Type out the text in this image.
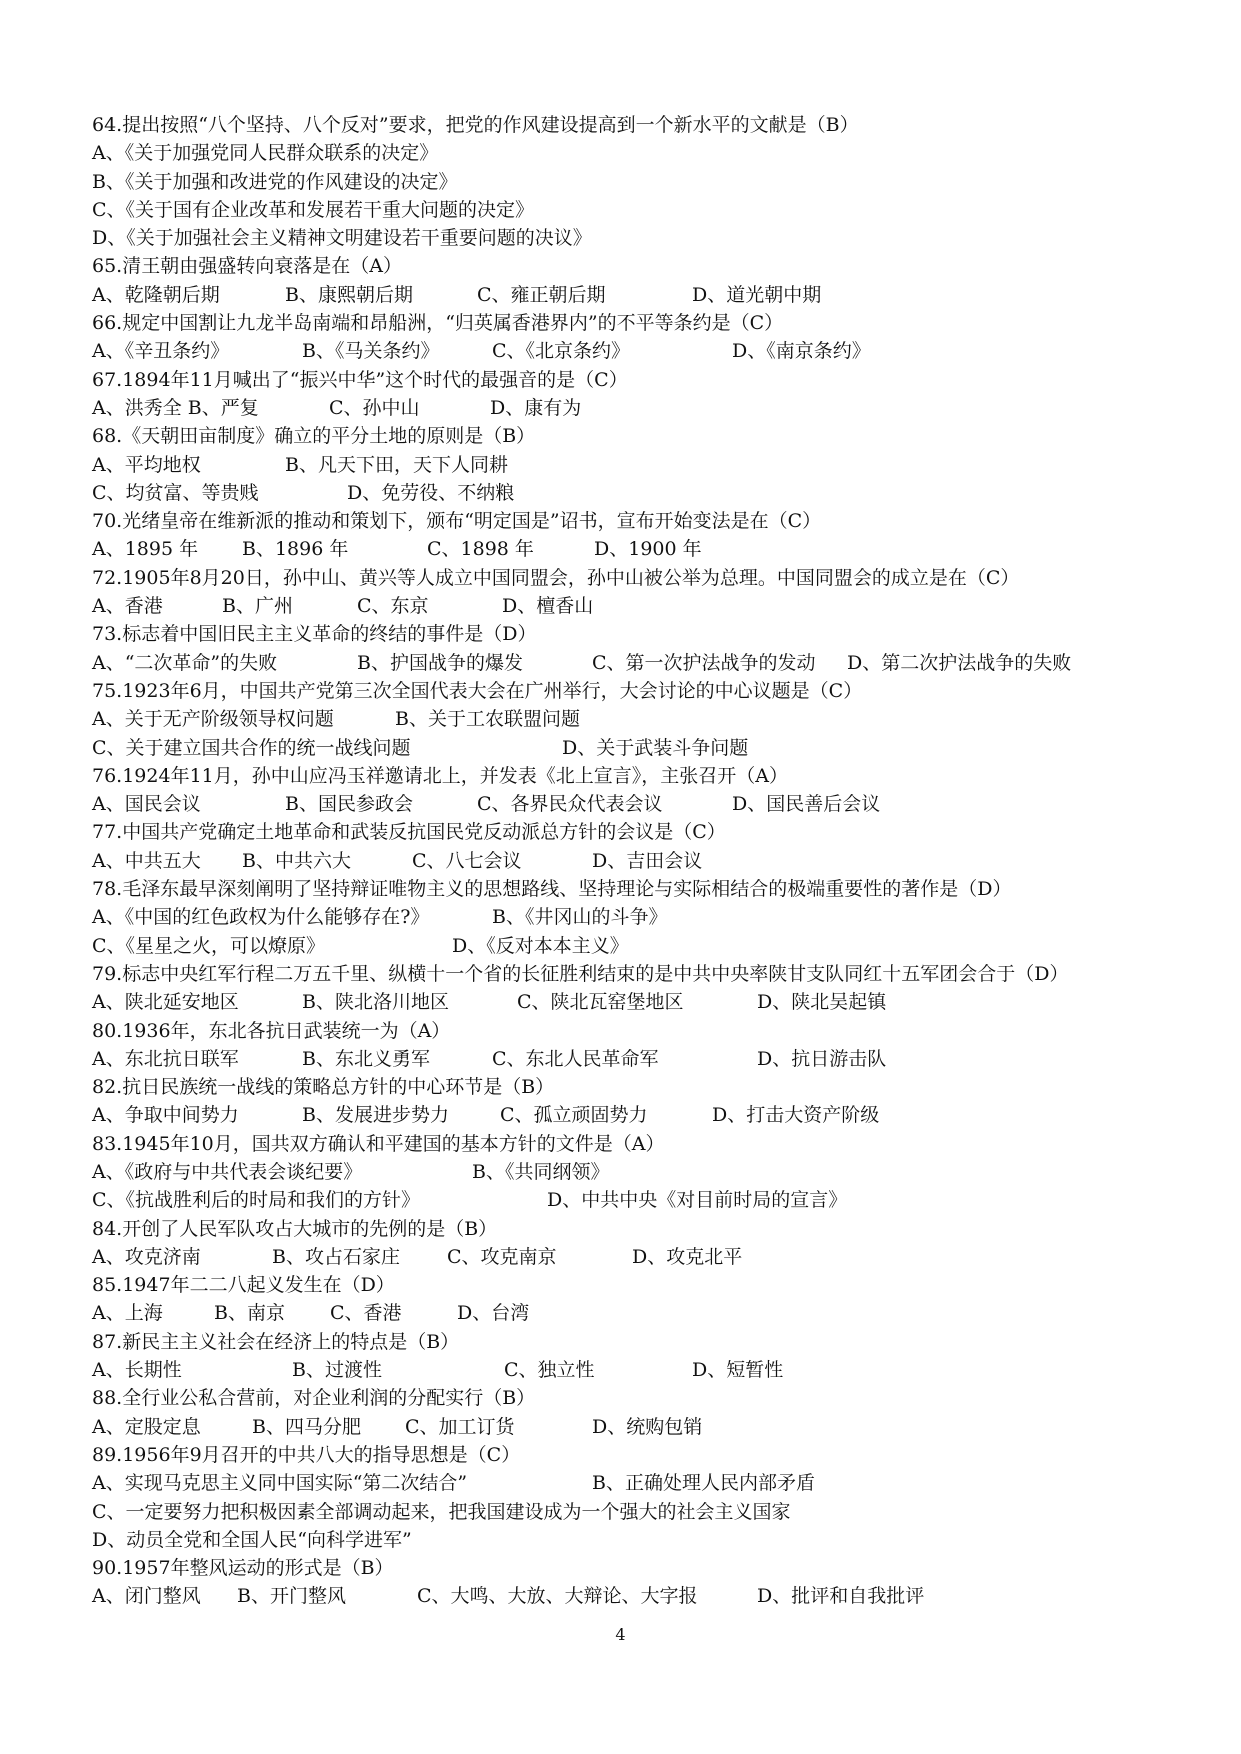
64.提出按照“八个坚持、八个反对”要求，把党的作风建设提高到一个新水平的文献是（B）
A、《关于加强党同人民群众联系的决定》
B、《关于加强和改进党的作风建设的决定》
C、《关于国有企业改革和发展若干重大问题的决定》
D、《关于加强社会主义精神文明建设若干重要问题的决议》
65.清王朝由强盛转向衰落是在（A）
A、乾隆朝后期	B、康熙朝后期	C、雍正朝后期	D、道光朝中期
66.规定中国割让九龙半岛南端和昂船洲，“归英属香港界内”的不平等条约是（C）
A、《辛丑条约》	B、《马关条约》	C、《北京条约》	D、《南京条约》
67.1894年11月喊出了“振兴中华”这个时代的最强音的是（C）
A、洪秀全 B、严复	C、孙中山	D、康有为
68.《天朝田亩制度》确立的平分土地的原则是（B）
A、平均地权	B、凡天下田，天下人同耕
C、均贫富、等贵贱	D、免劳役、不纳粮
70.光绪皇帝在维新派的推动和策划下，颁布“明定国是”诏书，宣布开始变法是在（C）
A、1895 年 B、1896 年	C、1898 年	D、1900 年
72.1905年8月20日，孙中山、黄兴等人成立中国同盟会，孙中山被公举为总理。中国同盟会的成立是在（C）
A、香港	B、广州	C、东京	D、檀香山
73.标志着中国旧民主主义革命的终结的事件是（D）
A、“二次革命”的失败	B、护国战争的爆发	C、第一次护法战争的发动 D、第二次护法战争的失败
75.1923年6月，中国共产党第三次全国代表大会在广州举行，大会讨论的中心议题是（C）
A、关于无产阶级领导权问题	B、关于工农联盟问题
C、关于建立国共合作的统一战线问题	D、关于武装斗争问题
76.1924年11月，孙中山应冯玉祥邀请北上，并发表《北上宣言》，主张召开（A）
A、国民会议	B、国民参政会	C、各界民众代表会议	D、国民善后会议
77.中国共产党确定土地革命和武装反抗国民党反动派总方针的会议是（C）
A、中共五大 B、中共六大	C、八七会议	D、吉田会议
78.毛泽东最早深刻阐明了坚持辩证唯物主义的思想路线、坚持理论与实际相结合的极端重要性的著作是（D）
A、《中国的红色政权为什么能够存在?》	B、《井冈山的斗争》
C、《星星之火，可以燎原》	D、《反对本本主义》
79.标志中央红军行程二万五千里、纵横十一个省的长征胜利结束的是中共中央率陕甘支队同红十五军团会合于（D）
A、陕北延安地区	B、陕北洛川地区	C、陕北瓦窑堡地区	D、陕北吴起镇
80.1936年，东北各抗日武装统一为（A）
A、东北抗日联军	B、东北义勇军	C、东北人民革命军	D、抗日游击队
82.抗日民族统一战线的策略总方针的中心环节是（B）
A、争取中间势力	B、发展进步势力	C、孤立顽固势力	D、打击大资产阶级
83.1945年10月，国共双方确认和平建国的基本方针的文件是（A）
A、《政府与中共代表会谈纪要》	B、《共同纲领》
C、《抗战胜利后的时局和我们的方针》	D、中共中央《对目前时局的宣言》
84.开创了人民军队攻占大城市的先例的是（B）
A、攻克济南	B、攻占石家庄 C、攻克南京	D、攻克北平
85.1947年二二八起义发生在（D）
A、上海	B、南京 C、香港	D、台湾
87.新民主主义社会在经济上的特点是（B）
A、长期性	B、过渡性	C、独立性	D、短暂性
88.全行业公私合营前，对企业利润的分配实行（B）
A、定股定息	B、四马分肥 C、加工订货	D、统购包销
89.1956年9月召开的中共八大的指导思想是（C）
A、实现马克思主义同中国实际“第二次结合”	B、正确处理人民内部矛盾
C、一定要努力把积极因素全部调动起来，把我国建设成为一个强大的社会主义国家
D、动员全党和全国人民“向科学进军”
90.1957年整风运动的形式是（B）
A、闭门整风 B、开门整风	C、大鸣、大放、大辩论、大字报	D、批评和自我批评
4
